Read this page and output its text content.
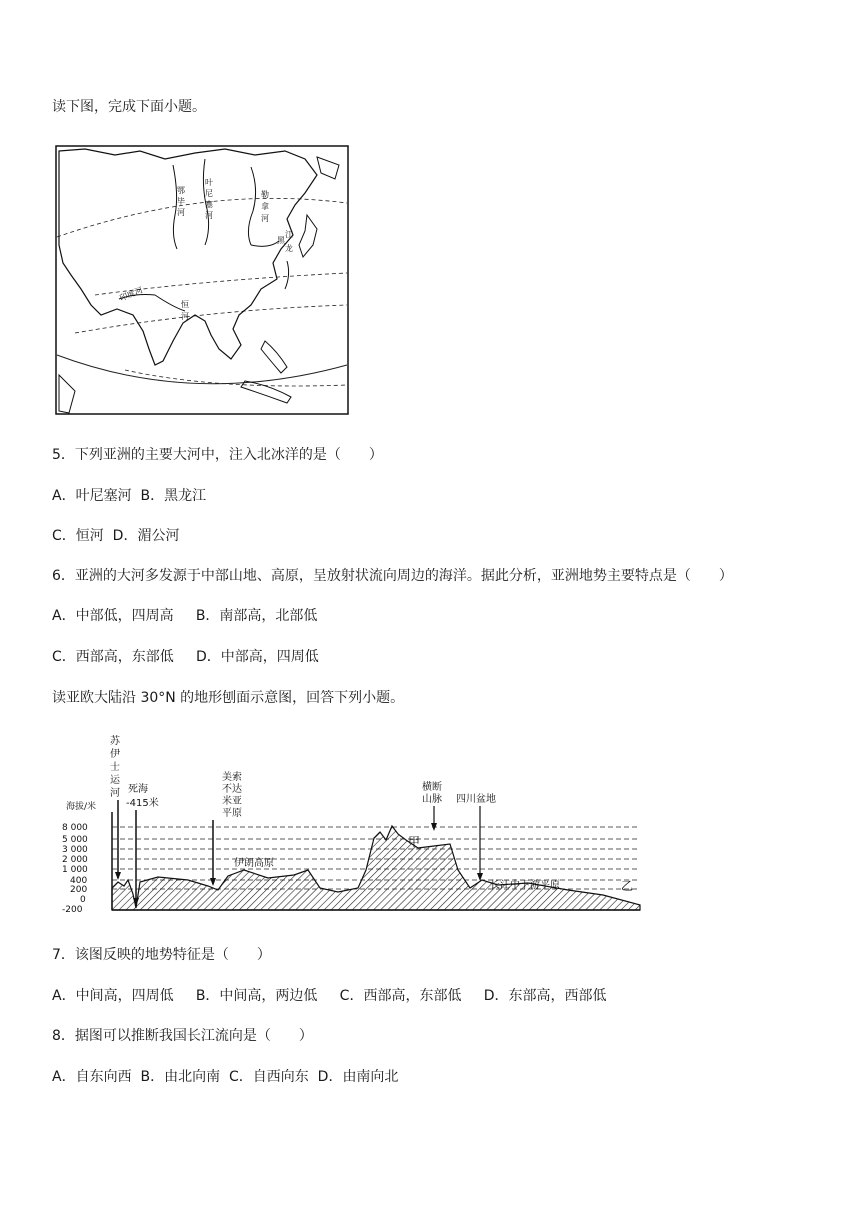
读下图，完成下面小题。
鄂
毕
河
叶
尼
塞
河
勒
拿
河
黑
龙
江
印度河
恒
河
5．下列亚洲的主要大河中，注入北冰洋的是（　　）
A．叶尼塞河  B．黑龙江
C．恒河  D．湄公河
6．亚洲的大河多发源于中部山地、高原，呈放射状流向周边的海洋。据此分析，亚洲地势主要特点是（　　）
A．中部低，四周高     B．南部高，北部低
C．西部高，东部低     D．中部高，四周低
读亚欧大陆沿 30°N 的地形刨面示意图，回答下列小题。
海拔/米
8 000
5 000
3 000
2 000
1 000
400
200
0
-200
苏
伊
士
运
河 死海
-415米
美索
不达
米亚
平原
伊朗高原
横断
山脉
甲
四川盆地
长江中下游平原	乙
7．该图反映的地势特征是（　　）
A．中间高，四周低     B．中间高，两边低     C．西部高，东部低     D．东部高，西部低
8．据图可以推断我国长江流向是（　　）
A．自东向西  B．由北向南  C．自西向东  D．由南向北
